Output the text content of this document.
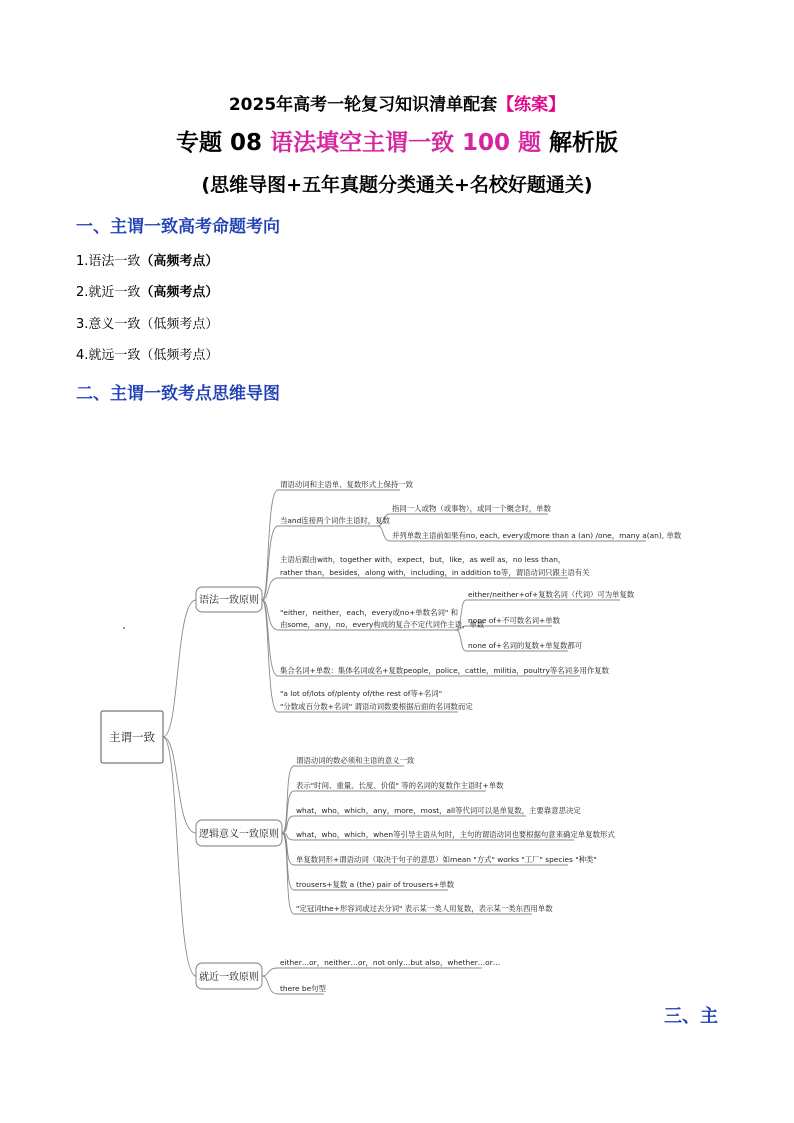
2025年高考一轮复习知识清单配套【练案】
专题 08 语法填空主谓一致 100 题 解析版
(思维导图+五年真题分类通关+名校好题通关)
一、主谓一致高考命题考向
1.语法一致（高频考点）
2.就近一致（高频考点）
3.意义一致（低频考点）
4.就远一致（低频考点）
二、主谓一致考点思维导图
主谓一致
语法一致原则
逻辑意义一致原则
就近一致原则
谓语动词和主语单、复数形式上保持一致
当and连接两个词作主语时，复数
指同一人或物（或事物），或同一个概念时，单数
并列单数主语前如果有no, each, every或more than a (an) /one，many a(an), 单数
主语后跟由with，together with，expect，but，like，as well as，no less than，
rather than，besides，along with，including，in addition to等，谓语动词只跟主语有关
"either，neither，each，every或no+单数名词" 和
由some，any，no，every构成的复合不定代词作主语，单数
either/neither+of+复数名词（代词）可为单复数
none of+不可数名词+单数
none of+名词的复数+单复数都可
集合名词+单数：集体名词或名+复数people，police，cattle，militia，poultry等名词多用作复数
"a lot of/lots of/plenty of/the rest of等+名词"
"分数或百分数+名词" 谓语动词数要根据后面的名词数而定
谓语动词的数必须和主语的意义一致
表示"时间、重量、长度、价值" 等的名词的复数作主语时+单数
what，who，which，any，more，most，all等代词可以是单复数，主要靠意思决定
what，who，which，when等引导主语从句时，主句的谓语动词也要根据句意来确定单复数形式
单复数同形+谓语动词（取决于句子的意思）如mean "方式" works "工厂" species "种类"
trousers+复数 a (the) pair of trousers+单数
"定冠词the+形容词或过去分词" 表示某一类人用复数，表示某一类东西用单数
either…or，neither…or，not only…but also，whether…or…
there be句型
三、主
